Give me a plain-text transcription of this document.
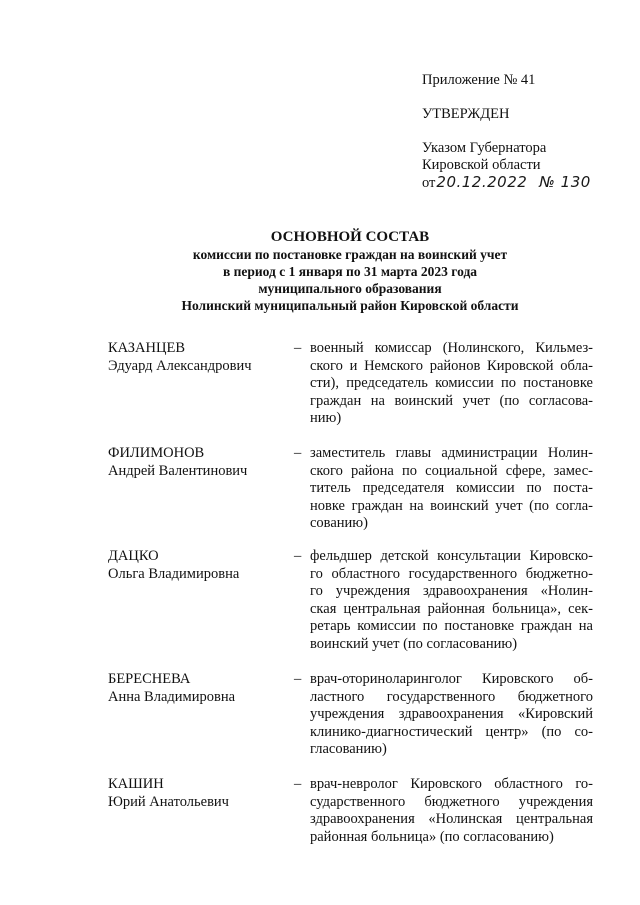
Приложение № 41
УТВЕРЖДЕН
Указом Губернатора
Кировской области
от20.12.2022 № 130
ОСНОВНОЙ СОСТАВ
комиссии по постановке граждан на воинский учет
в период с 1 января по 31 марта 2023 года
муниципального образования
Нолинский муниципальный район Кировской области
КАЗАНЦЕВ
Эдуард Александрович
– военный комиссар (Нолинского, Кильмез-
ского и Немского районов Кировской обла-
сти), председатель комиссии по постановке
граждан на воинский учет (по согласова-
нию)
ФИЛИМОНОВ
Андрей Валентинович
– заместитель главы администрации Нолин-
ского района по социальной сфере, замес-
титель председателя комиссии по поста-
новке граждан на воинский учет (по согла-
сованию)
ДАЦКО
Ольга Владимировна
– фельдшер детской консультации Кировско-
го областного государственного бюджетно-
го учреждения здравоохранения «Нолин-
ская центральная районная больница», сек-
ретарь комиссии по постановке граждан на
воинский учет (по согласованию)
БЕРЕСНЕВА
Анна Владимировна
– врач-оториноларинголог Кировского об-
ластного государственного бюджетного
учреждения здравоохранения «Кировский
клинико-диагностический центр» (по со-
гласованию)
КАШИН
Юрий Анатольевич
– врач-невролог Кировского областного го-
сударственного бюджетного учреждения
здравоохранения «Нолинская центральная
районная больница» (по согласованию)
